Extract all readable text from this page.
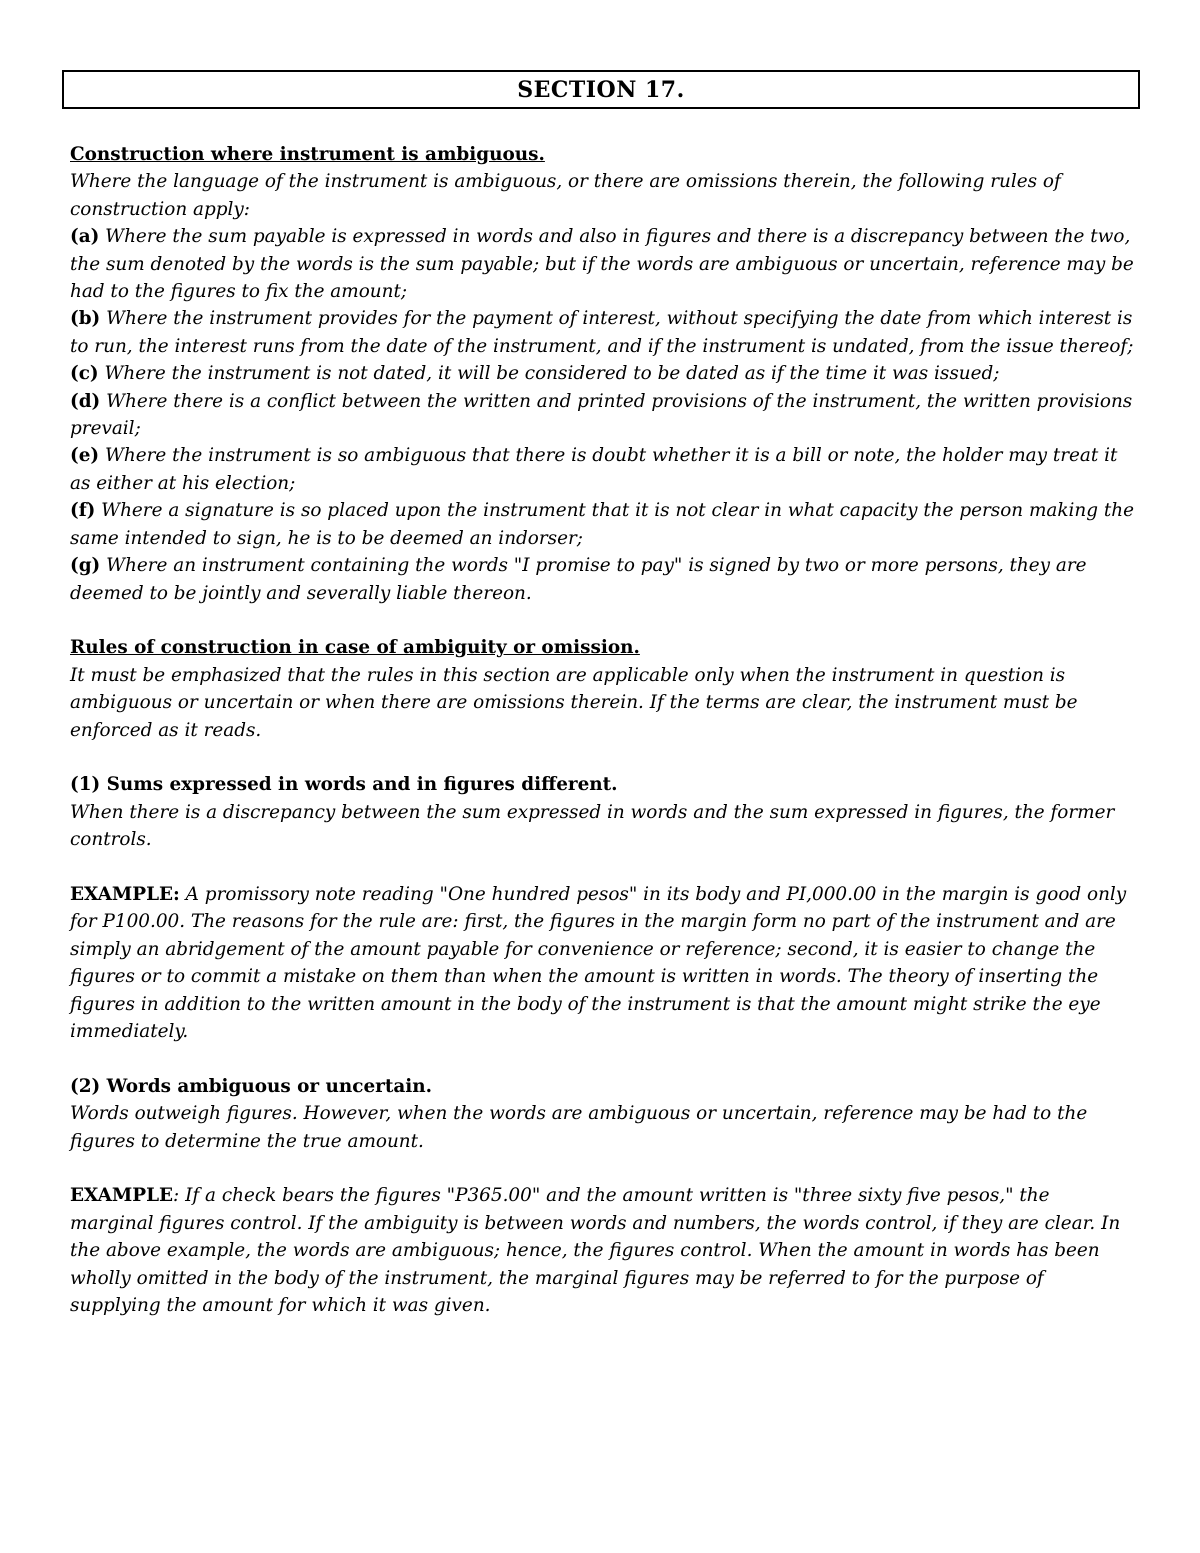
SECTION 17.

Construction where instrument is ambiguous.

Where the language of the instrument is ambiguous, or there are omissions therein, the following rules of construction apply:

(a) Where the sum payable is expressed in words and also in figures and there is a discrepancy between the two, the sum denoted by the words is the sum payable; but if the words are ambiguous or uncertain, reference may be had to the figures to fix the amount;

(b) Where the instrument provides for the payment of interest, without specifying the date from which interest is to run, the interest runs from the date of the instrument, and if the instrument is undated, from the issue thereof;

(c) Where the instrument is not dated, it will be considered to be dated as if the time it was issued;

(d) Where there is a conflict between the written and printed provisions of the instrument, the written provisions prevail;

(e) Where the instrument is so ambiguous that there is doubt whether it is a bill or note, the holder may treat it as either at his election;

(f) Where a signature is so placed upon the instrument that it is not clear in what capacity the person making the same intended to sign, he is to be deemed an indorser;

(g) Where an instrument containing the words "I promise to pay" is signed by two or more persons, they are deemed to be jointly and severally liable thereon.

Rules of construction in case of ambiguity or omission.

It must be emphasized that the rules in this section are applicable only when the instrument in question is ambiguous or uncertain or when there are omissions therein. If the terms are clear, the instrument must be enforced as it reads.

(1) Sums expressed in words and in figures different.

When there is a discrepancy between the sum expressed in words and the sum expressed in figures, the former controls.

EXAMPLE: A promissory note reading "One hundred pesos" in its body and PI,000.00 in the margin is good only for P100.00. The reasons for the rule are: first, the figures in the margin form no part of the instrument and are simply an abridgement of the amount payable for convenience or reference; second, it is easier to change the figures or to commit a mistake on them than when the amount is written in words. The theory of inserting the figures in addition to the written amount in the body of the instrument is that the amount might strike the eye immediately.

(2) Words ambiguous or uncertain.

Words outweigh figures. However, when the words are ambiguous or uncertain, reference may be had to the figures to determine the true amount.

EXAMPLE: If a check bears the figures "P365.00" and the amount written is "three sixty five pesos," the marginal figures control. If the ambiguity is between words and numbers, the words control, if they are clear. In the above example, the words are ambiguous; hence, the figures control. When the amount in words has been wholly omitted in the body of the instrument, the marginal figures may be referred to for the purpose of supplying the amount for which it was given.
